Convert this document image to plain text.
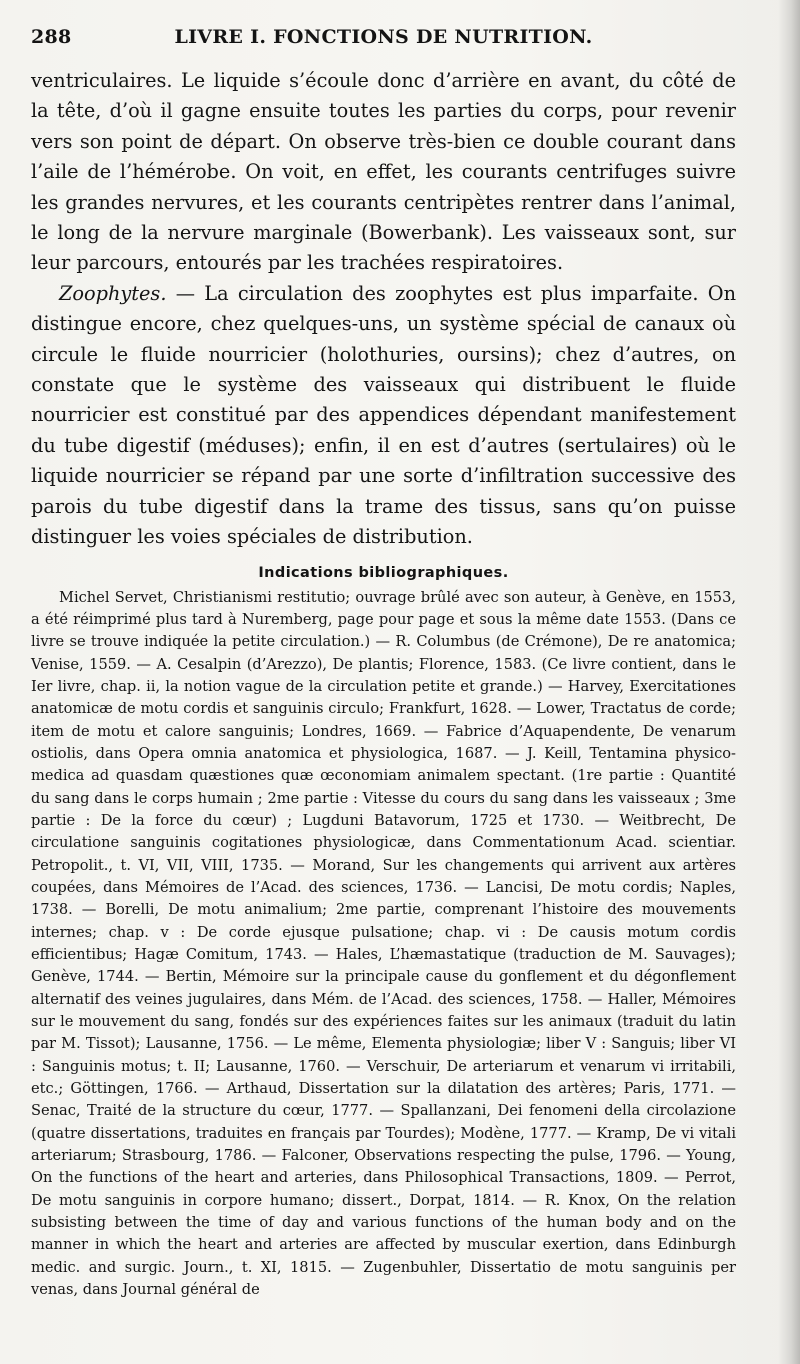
288	LIVRE I. FONCTIONS DE NUTRITION.

ventriculaires. Le liquide s’écoule donc d’arrière en avant, du côté de la tête, d’où il gagne ensuite toutes les parties du corps, pour revenir vers son point de départ. On observe très-bien ce double courant dans l’aile de l’hémérobe. On voit, en effet, les courants centrifuges suivre les grandes nervures, et les courants centripètes rentrer dans l’animal, le long de la nervure marginale (Bowerbank). Les vaisseaux sont, sur leur parcours, entourés par les trachées respiratoires.

Zoophytes. — La circulation des zoophytes est plus imparfaite. On distingue encore, chez quelques-uns, un système spécial de canaux où circule le fluide nourricier (holothuries, oursins); chez d’autres, on constate que le système des vaisseaux qui distribuent le fluide nourricier est constitué par des appendices dépendant manifestement du tube digestif (méduses); enfin, il en est d’autres (sertulaires) où le liquide nourricier se répand par une sorte d’infiltration successive des parois du tube digestif dans la trame des tissus, sans qu’on puisse distinguer les voies spéciales de distribution.

Indications bibliographiques.

Michel Servet, Christianismi restitutio; ouvrage brûlé avec son auteur, à Genève, en 1553, a été réimprimé plus tard à Nuremberg, page pour page et sous la même date 1553. (Dans ce livre se trouve indiquée la petite circulation.) — R. Columbus (de Crémone), De re anatomica; Venise, 1559. — A. Cesalpin (d’Arezzo), De plantis; Florence, 1583. (Ce livre contient, dans le Ier livre, chap. ii, la notion vague de la circulation petite et grande.) — Harvey, Exercitationes anatomicæ de motu cordis et sanguinis circulo; Frankfurt, 1628. — Lower, Tractatus de corde; item de motu et calore sanguinis; Londres, 1669. — Fabrice d’Aquapendente, De venarum ostiolis, dans Opera omnia anatomica et physiologica, 1687. — J. Keill, Tentamina physico-medica ad quasdam quæstiones quæ œconomiam animalem spectant. (1re partie : Quantité du sang dans le corps humain ; 2me partie : Vitesse du cours du sang dans les vaisseaux ; 3me partie : De la force du cœur) ; Lugduni Batavorum, 1725 et 1730. — Weitbrecht, De circulatione sanguinis cogitationes physiologicæ, dans Commentationum Acad. scientiar. Petropolit., t. VI, VII, VIII, 1735. — Morand, Sur les changements qui arrivent aux artères coupées, dans Mémoires de l’Acad. des sciences, 1736. — Lancisi, De motu cordis; Naples, 1738. — Borelli, De motu animalium; 2me partie, comprenant l’histoire des mouvements internes; chap. v : De corde ejusque pulsatione; chap. vi : De causis motum cordis efficientibus; Hagæ Comitum, 1743. — Hales, L’hæmastatique (traduction de M. Sauvages); Genève, 1744. — Bertin, Mémoire sur la principale cause du gonflement et du dégonflement alternatif des veines jugulaires, dans Mém. de l’Acad. des sciences, 1758. — Haller, Mémoires sur le mouvement du sang, fondés sur des expériences faites sur les animaux (traduit du latin par M. Tissot); Lausanne, 1756. — Le même, Elementa physiologiæ; liber V : Sanguis; liber VI : Sanguinis motus; t. II; Lausanne, 1760. — Verschuir, De arteriarum et venarum vi irritabili, etc.; Göttingen, 1766. — Arthaud, Dissertation sur la dilatation des artères; Paris, 1771. — Senac, Traité de la structure du cœur, 1777. — Spallanzani, Dei fenomeni della circolazione (quatre dissertations, traduites en français par Tourdes); Modène, 1777. — Kramp, De vi vitali arteriarum; Strasbourg, 1786. — Falconer, Observations respecting the pulse, 1796. — Young, On the functions of the heart and arteries, dans Philosophical Transactions, 1809. — Perrot, De motu sanguinis in corpore humano; dissert., Dorpat, 1814. — R. Knox, On the relation subsisting between the time of day and various functions of the human body and on the manner in which the heart and arteries are affected by muscular exertion, dans Edinburgh medic. and surgic. Journ., t. XI, 1815. — Zugenbuhler, Dissertatio de motu sanguinis per venas, dans Journal général de
